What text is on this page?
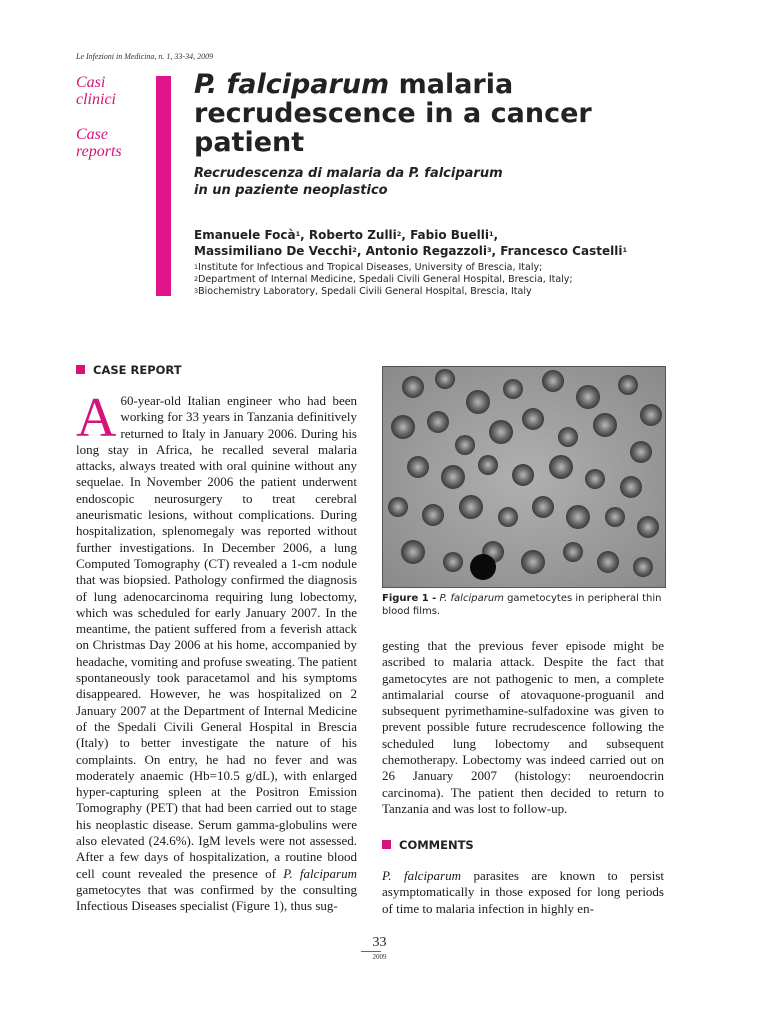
Le Infezioni in Medicina, n. 1, 33-34, 2009
Casi
clinici
Case
reports
P. falciparum malaria
recrudescence in a cancer
patient
Recrudescenza di malaria da P. falciparum
in un paziente neoplastico
Emanuele Focà$^1$, Roberto Zulli$^2$, Fabio Buelli$^1$,
Massimiliano De Vecchi$^2$, Antonio Regazzoli$^3$, Francesco Castelli$^1$
$^1$Institute for Infectious and Tropical Diseases, University of Brescia, Italy;
$^2$Department of Internal Medicine, Spedali Civili General Hospital, Brescia, Italy;
$^3$Biochemistry Laboratory, Spedali Civili General Hospital, Brescia, Italy
CASE REPORT
A 60-year-old Italian engineer who had been working for 33 years in Tanzania definitively returned to Italy in January 2006. During his long stay in Africa, he recalled several malaria attacks, always treated with oral quinine without any sequelae. In November 2006 the patient underwent endoscopic neurosurgery to treat cerebral aneurismatic lesions, without complications. During hospitalization, splenomegaly was reported without further investigations. In December 2006, a lung Computed Tomography (CT) revealed a 1-cm nodule that was biopsied. Pathology confirmed the diagnosis of lung adenocarcinoma requiring lung lobectomy, which was scheduled for early January 2007. In the meantime, the patient suffered from a feverish attack on Christmas Day 2006 at his home, accompanied by headache, vomiting and profuse sweating. The patient spontaneously took paracetamol and his symptoms disappeared. However, he was hospitalized on 2 January 2007 at the Department of Internal Medicine of the Spedali Civili General Hospital in Brescia (Italy) to better investigate the nature of his complaints. On entry, he had no fever and was moderately anaemic (Hb=10.5 g/dL), with enlarged hyper-capturing spleen at the Positron Emission Tomography (PET) that had been carried out to stage his neoplastic disease. Serum gamma-globulins were also elevated (24.6%). IgM levels were not assessed. After a few days of hospitalization, a routine blood cell count revealed the presence of P. falciparum gametocytes that was confirmed by the consulting Infectious Diseases specialist (Figure 1), thus sug-
Figure 1 - P. falciparum gametocytes in peripheral thin blood films.
gesting that the previous fever episode might be ascribed to malaria attack. Despite the fact that gametocytes are not pathogenic to men, a complete antimalarial course of atovaquone-proguanil and subsequent pyrimethamine-sulfadoxine was given to prevent possible future recrudescence following the scheduled lung lobectomy and subsequent chemotherapy. Lobectomy was indeed carried out on 26 January 2007 (histology: neuroendocrin carcinoma). The patient then decided to return to Tanzania and was lost to follow-up.
COMMENTS
P. falciparum parasites are known to persist asymptomatically in those exposed for long periods of time to malaria infection in highly en-
33
2009
